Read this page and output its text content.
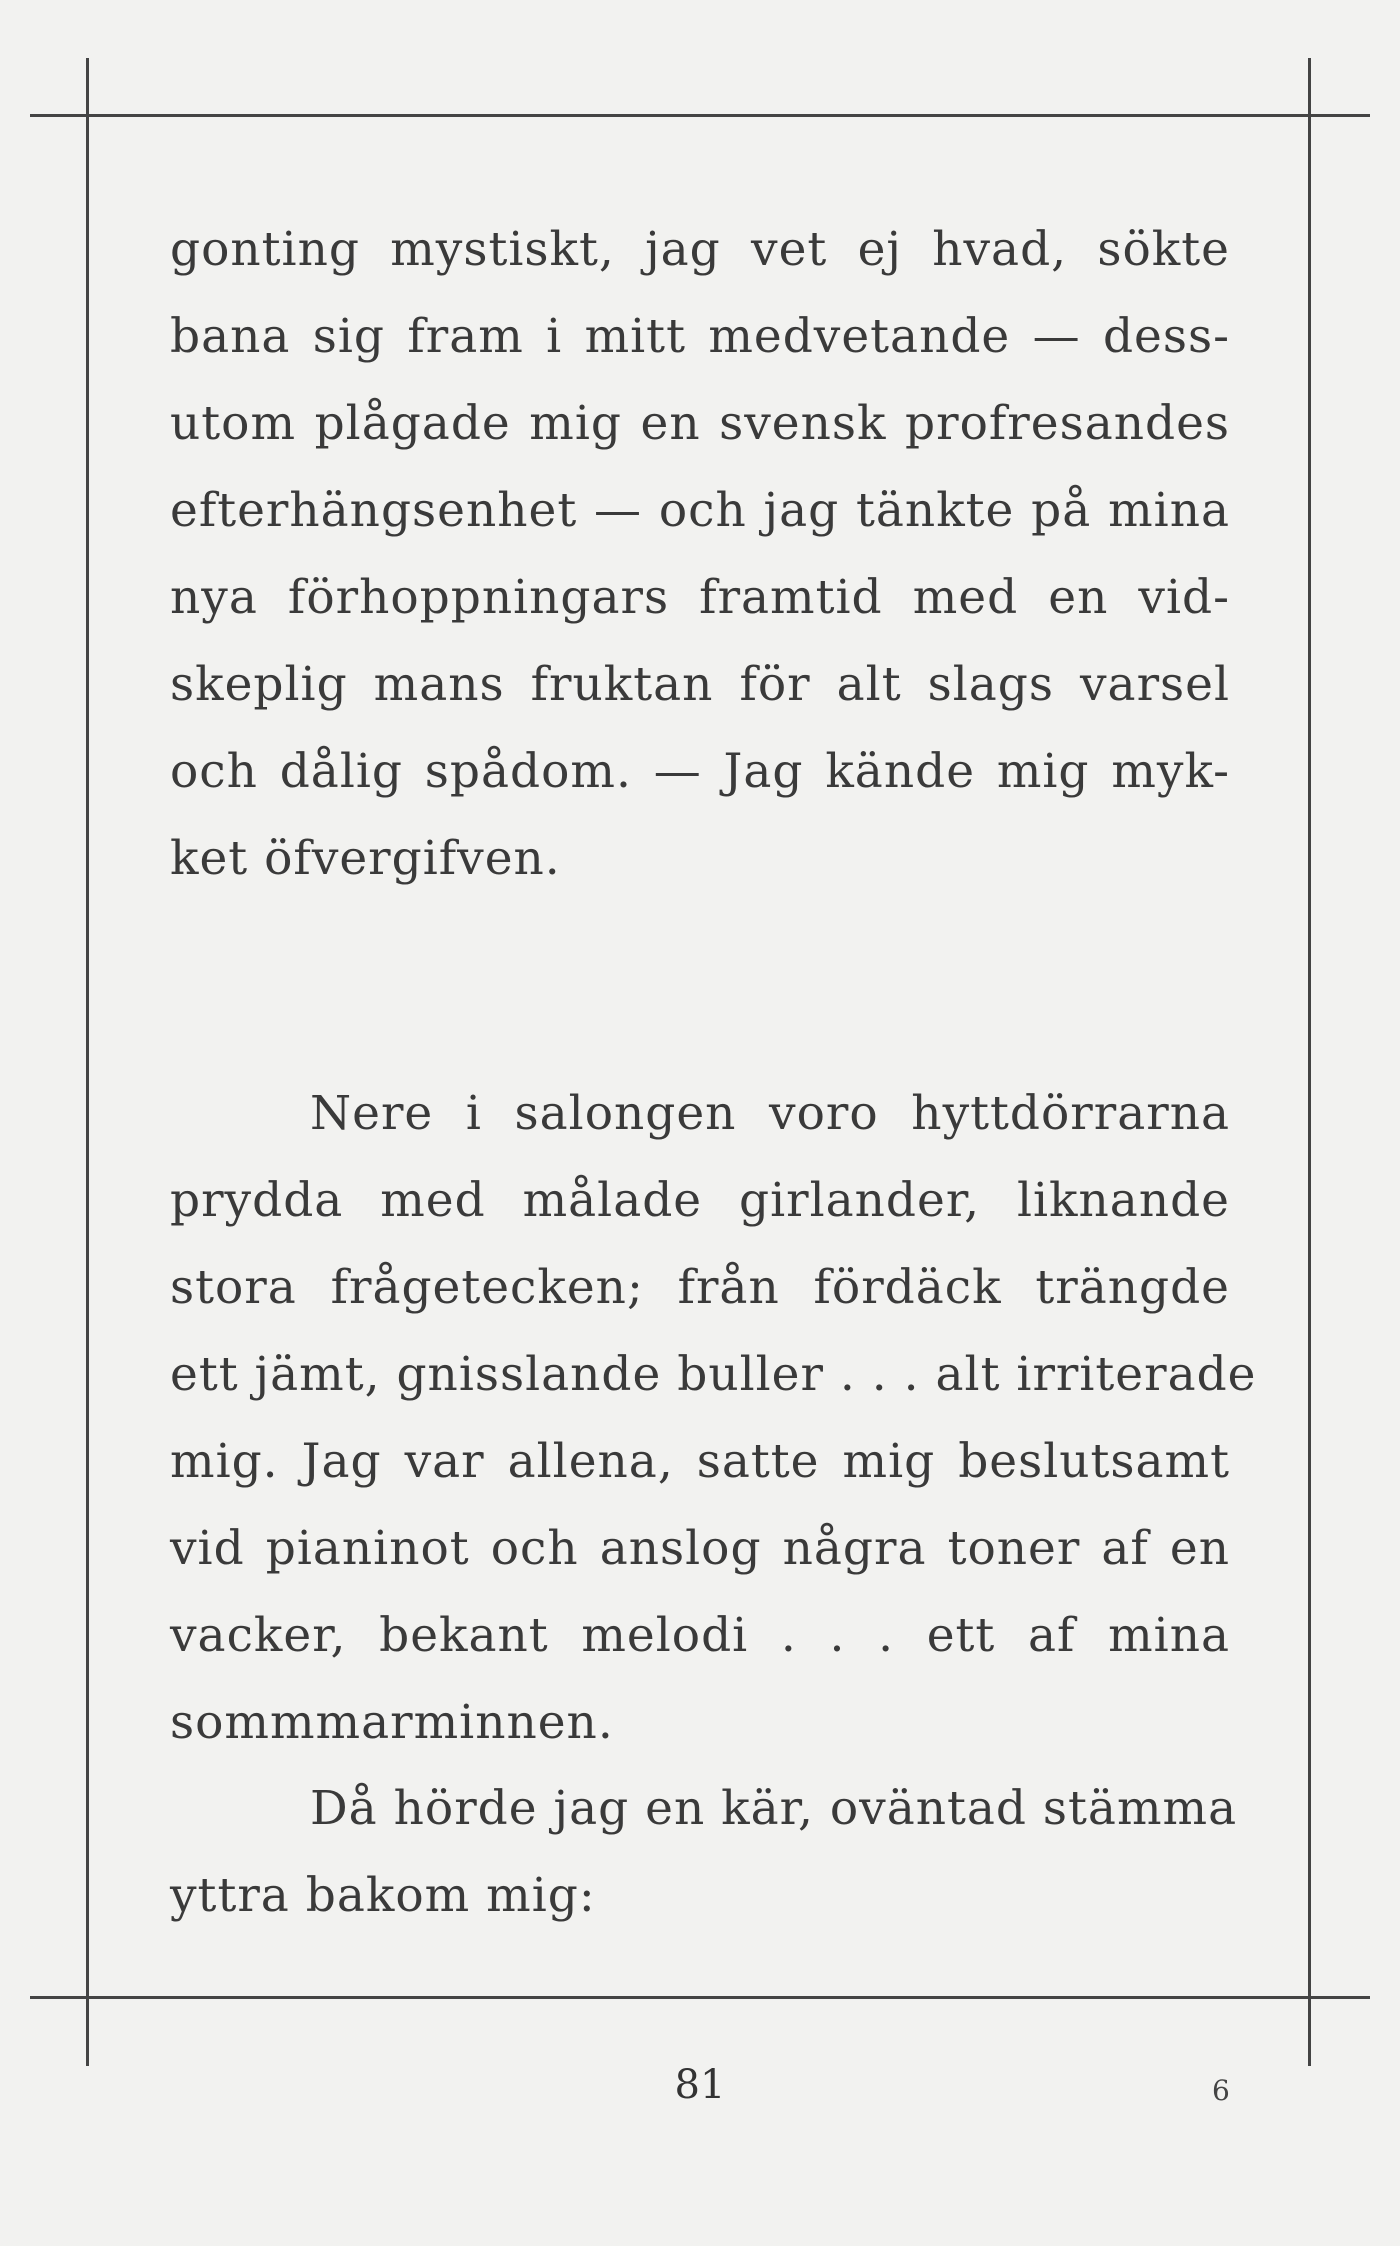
gonting mystiskt, jag vet ej hvad, sökte
bana sig fram i mitt medvetande — dess-
utom plågade mig en svensk profresandes
efterhängsenhet — och jag tänkte på mina
nya förhoppningars framtid med en vid-
skeplig mans fruktan för alt slags varsel
och dålig spådom. — Jag kände mig myk-
ket öfvergifven.
Nere i salongen voro hyttdörrarna
prydda med målade girlander, liknande
stora frågetecken; från fördäck trängde
ett jämt, gnisslande buller . . . alt irriterade
mig. Jag var allena, satte mig beslutsamt
vid pianinot och anslog några toner af en
vacker, bekant melodi . . . ett af mina
sommmarminnen.
Då hörde jag en kär, oväntad stämma
yttra bakom mig:
81	6
